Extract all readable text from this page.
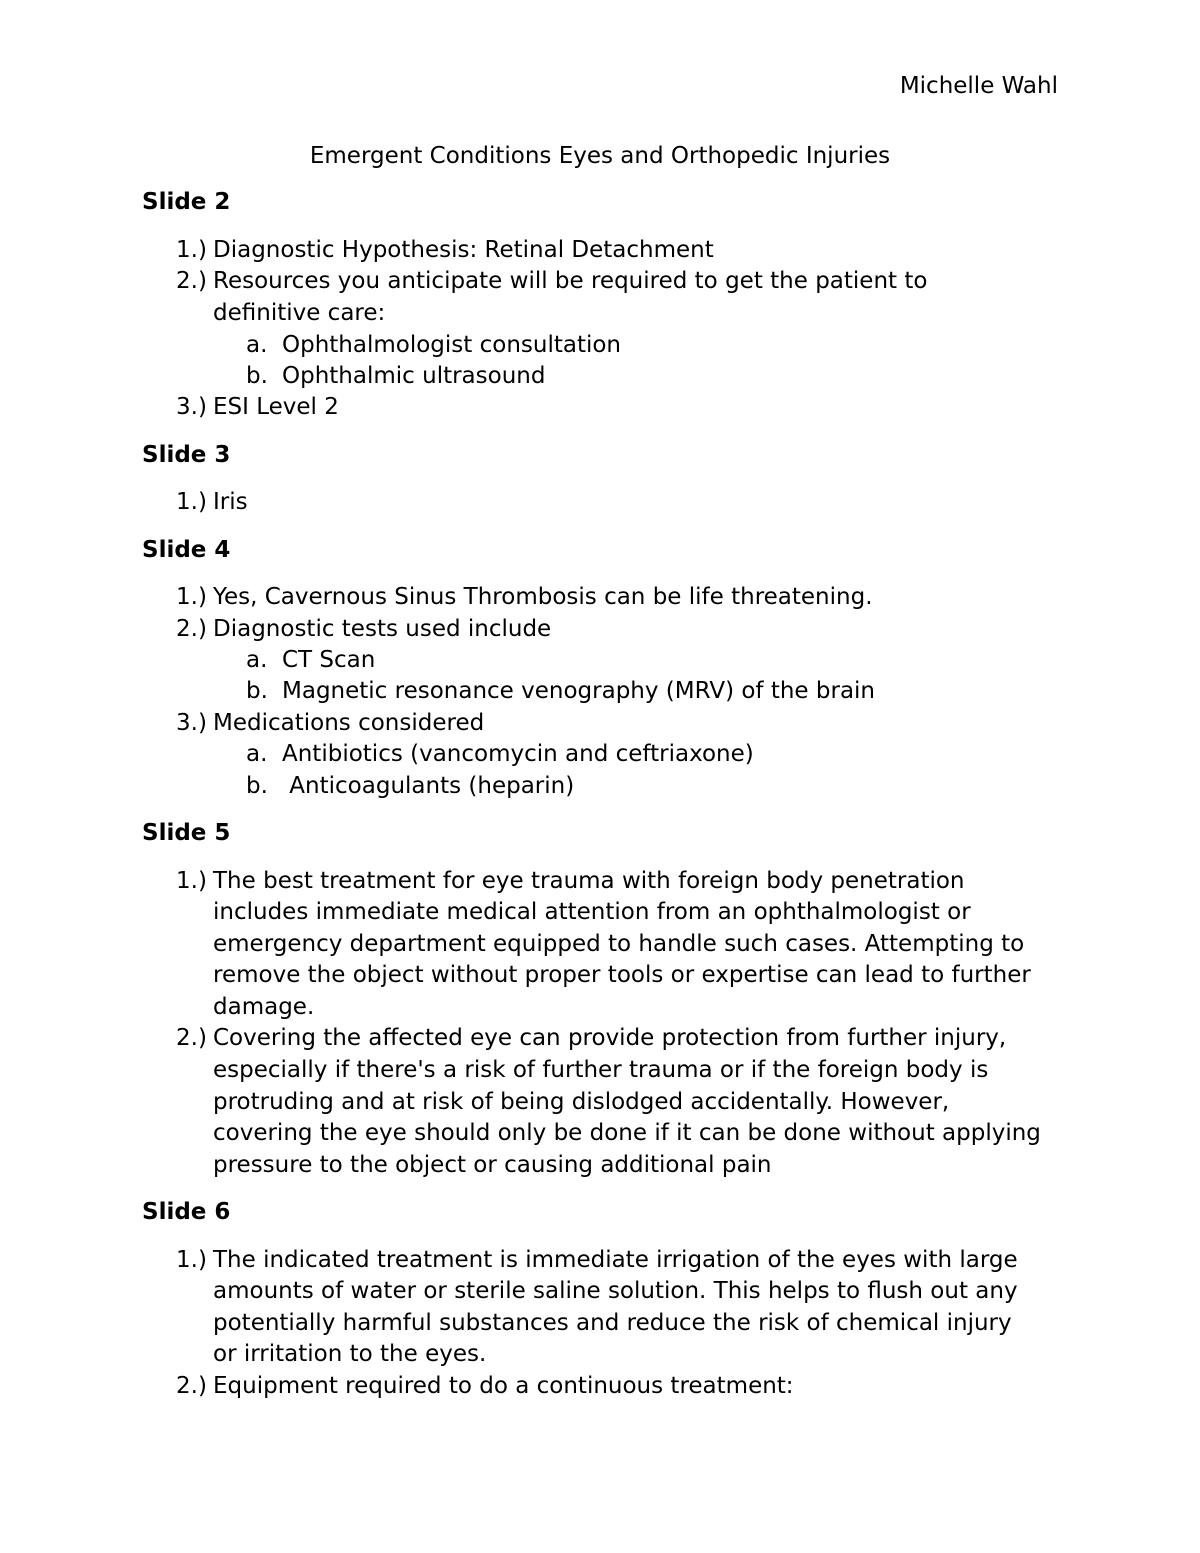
Michelle Wahl
Emergent Conditions Eyes and Orthopedic Injuries
Slide 2
1.) Diagnostic Hypothesis: Retinal Detachment
2.) Resources you anticipate will be required to get the patient to
definitive care:
a. Ophthalmologist consultation
b. Ophthalmic ultrasound
3.) ESI Level 2
Slide 3
1.) Iris
Slide 4
1.) Yes, Cavernous Sinus Thrombosis can be life threatening.
2.) Diagnostic tests used include
a. CT Scan
b. Magnetic resonance venography (MRV) of the brain
3.) Medications considered
a. Antibiotics (vancomycin and ceftriaxone)
b. Anticoagulants (heparin)
Slide 5
1.) The best treatment for eye trauma with foreign body penetration
includes immediate medical attention from an ophthalmologist or
emergency department equipped to handle such cases. Attempting to
remove the object without proper tools or expertise can lead to further
damage.
2.) Covering the affected eye can provide protection from further injury,
especially if there's a risk of further trauma or if the foreign body is
protruding and at risk of being dislodged accidentally. However,
covering the eye should only be done if it can be done without applying
pressure to the object or causing additional pain
Slide 6
1.) The indicated treatment is immediate irrigation of the eyes with large
amounts of water or sterile saline solution. This helps to flush out any
potentially harmful substances and reduce the risk of chemical injury
or irritation to the eyes.
2.) Equipment required to do a continuous treatment:
